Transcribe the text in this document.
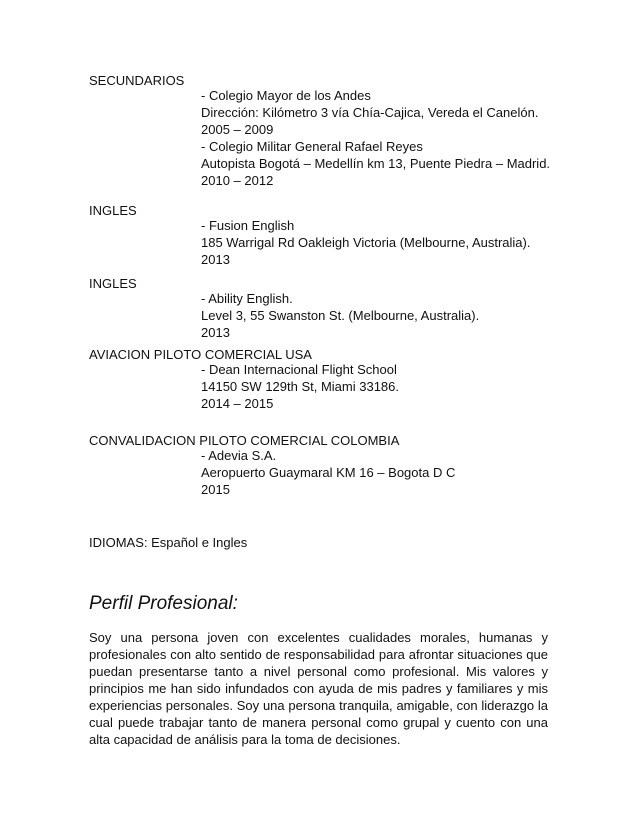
SECUNDARIOS
- Colegio Mayor de los Andes
Dirección: Kilómetro 3 vía Chía-Cajica, Vereda el Canelón.
2005 – 2009
- Colegio Militar General Rafael Reyes
Autopista Bogotá – Medellín km 13, Puente Piedra – Madrid.
2010 – 2012
INGLES
- Fusion English
185 Warrigal Rd Oakleigh Victoria (Melbourne, Australia).
2013
INGLES
- Ability English.
Level 3, 55 Swanston St. (Melbourne, Australia).
2013
AVIACION PILOTO COMERCIAL USA
- Dean Internacional Flight School
14150 SW 129th St, Miami 33186.
2014 – 2015
CONVALIDACION PILOTO COMERCIAL COLOMBIA
- Adevia S.A.
Aeropuerto Guaymaral KM 16 – Bogota D C
2015
IDIOMAS: Español e Ingles
Perfil Profesional:
Soy una persona joven con excelentes cualidades morales, humanas y profesionales con alto sentido de responsabilidad para afrontar situaciones que puedan presentarse tanto a nivel personal como profesional. Mis valores y principios me han sido infundados con ayuda de mis padres y familiares y mis experiencias personales. Soy una persona tranquila, amigable, con liderazgo la cual puede trabajar tanto de manera personal como grupal y cuento con una alta capacidad de análisis para la toma de decisiones.
